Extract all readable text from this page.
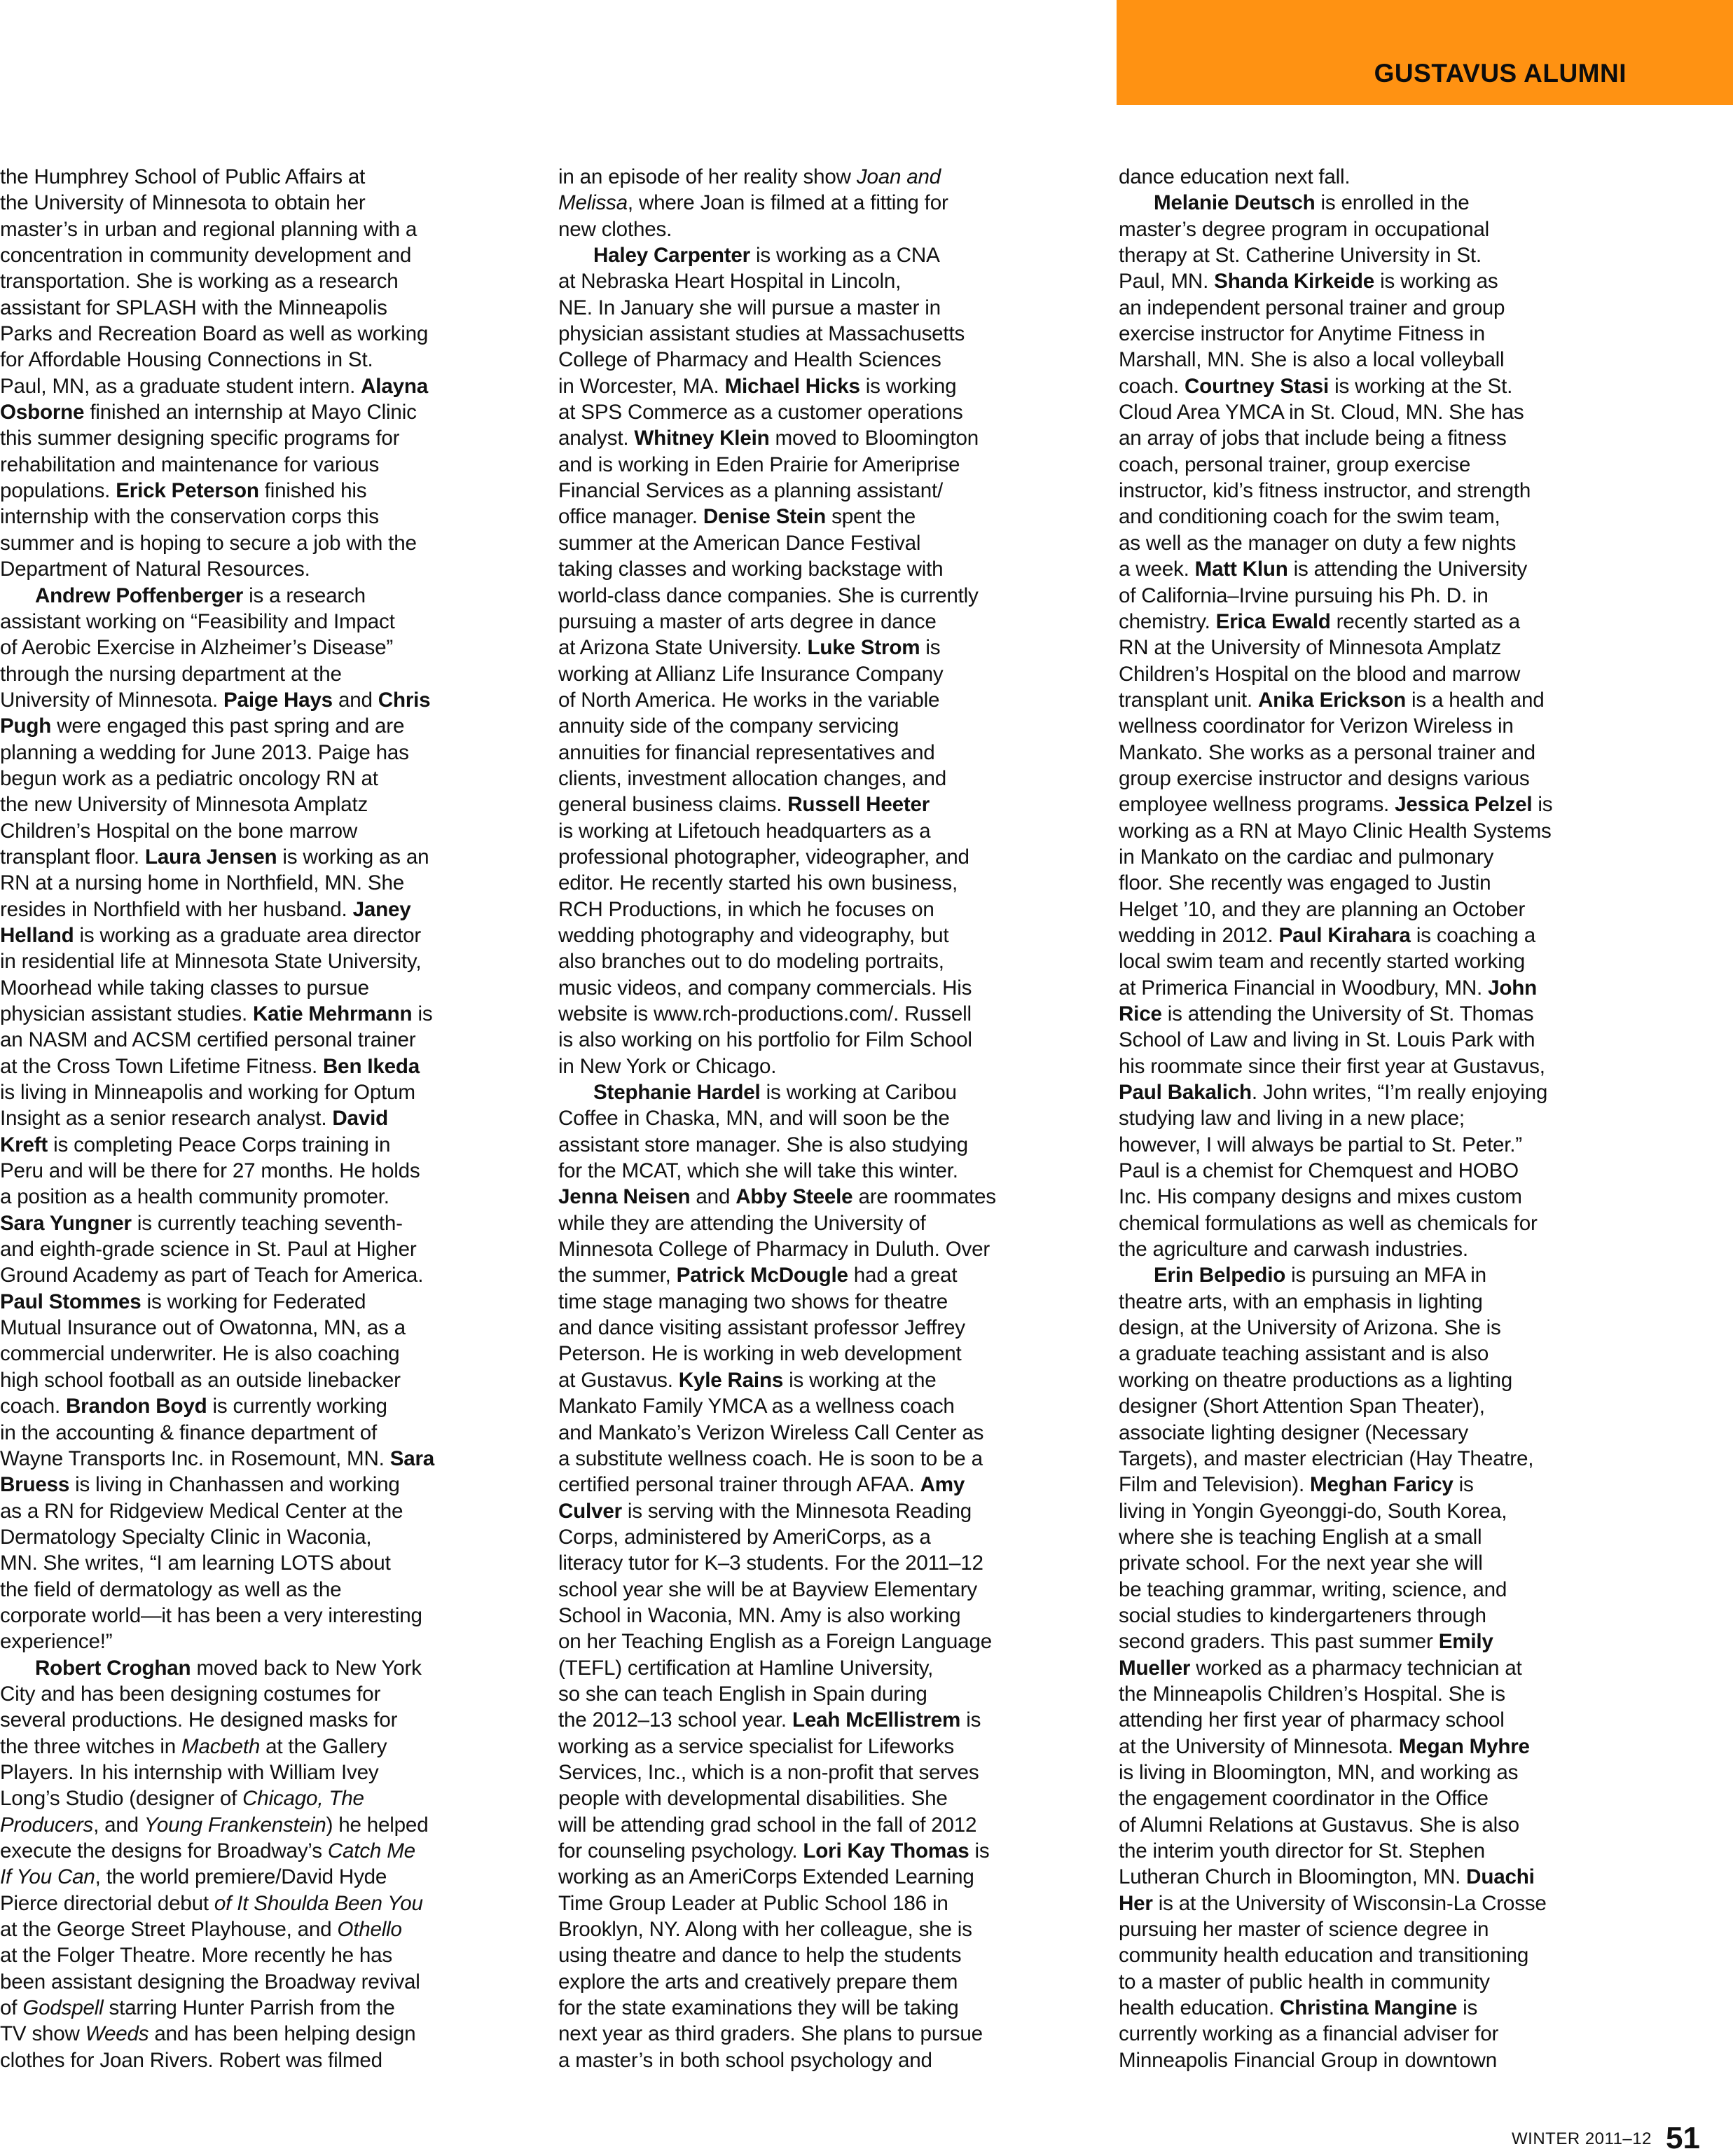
GUSTAVUS ALUMNI
the Humphrey School of Public Affairs at
the University of Minnesota to obtain her
master’s in urban and regional planning with a
concentration in community development and
transportation. She is working as a research
assistant for SPLASH with the Minneapolis
Parks and Recreation Board as well as working
for Affordable Housing Connections in St.
Paul, MN, as a graduate student intern. Alayna
Osborne finished an internship at Mayo Clinic
this summer designing specific programs for
rehabilitation and maintenance for various
populations. Erick Peterson finished his
internship with the conservation corps this
summer and is hoping to secure a job with the
Department of Natural Resources.
Andrew Poffenberger is a research
assistant working on “Feasibility and Impact
of Aerobic Exercise in Alzheimer’s Disease”
through the nursing department at the
University of Minnesota. Paige Hays and Chris
Pugh were engaged this past spring and are
planning a wedding for June 2013. Paige has
begun work as a pediatric oncology RN at
the new University of Minnesota Amplatz
Children’s Hospital on the bone marrow
transplant floor. Laura Jensen is working as an
RN at a nursing home in Northfield, MN. She
resides in Northfield with her husband. Janey
Helland is working as a graduate area director
in residential life at Minnesota State University,
Moorhead while taking classes to pursue
physician assistant studies. Katie Mehrmann is
an NASM and ACSM certified personal trainer
at the Cross Town Lifetime Fitness. Ben Ikeda
is living in Minneapolis and working for Optum
Insight as a senior research analyst. David
Kreft is completing Peace Corps training in
Peru and will be there for 27 months. He holds
a position as a health community promoter.
Sara Yungner is currently teaching seventh-
and eighth-grade science in St. Paul at Higher
Ground Academy as part of Teach for America.
Paul Stommes is working for Federated
Mutual Insurance out of Owatonna, MN, as a
commercial underwriter. He is also coaching
high school football as an outside linebacker
coach. Brandon Boyd is currently working
in the accounting & finance department of
Wayne Transports Inc. in Rosemount, MN. Sara
Bruess is living in Chanhassen and working
as a RN for Ridgeview Medical Center at the
Dermatology Specialty Clinic in Waconia,
MN. She writes, “I am learning LOTS about
the field of dermatology as well as the
corporate world—it has been a very interesting
experience!”
Robert Croghan moved back to New York
City and has been designing costumes for
several productions. He designed masks for
the three witches in Macbeth at the Gallery
Players. In his internship with William Ivey
Long’s Studio (designer of Chicago, The
Producers, and Young Frankenstein) he helped
execute the designs for Broadway’s Catch Me
If You Can, the world premiere/David Hyde
Pierce directorial debut of It Shoulda Been You
at the George Street Playhouse, and Othello
at the Folger Theatre. More recently he has
been assistant designing the Broadway revival
of Godspell starring Hunter Parrish from the
TV show Weeds and has been helping design
clothes for Joan Rivers. Robert was filmed
in an episode of her reality show Joan and
Melissa, where Joan is filmed at a fitting for
new clothes.
Haley Carpenter is working as a CNA
at Nebraska Heart Hospital in Lincoln,
NE. In January she will pursue a master in
physician assistant studies at Massachusetts
College of Pharmacy and Health Sciences
in Worcester, MA. Michael Hicks is working
at SPS Commerce as a customer operations
analyst. Whitney Klein moved to Bloomington
and is working in Eden Prairie for Ameriprise
Financial Services as a planning assistant/
office manager. Denise Stein spent the
summer at the American Dance Festival
taking classes and working backstage with
world-class dance companies. She is currently
pursuing a master of arts degree in dance
at Arizona State University. Luke Strom is
working at Allianz Life Insurance Company
of North America. He works in the variable
annuity side of the company servicing
annuities for financial representatives and
clients, investment allocation changes, and
general business claims. Russell Heeter
is working at Lifetouch headquarters as a
professional photographer, videographer, and
editor. He recently started his own business,
RCH Productions, in which he focuses on
wedding photography and videography, but
also branches out to do modeling portraits,
music videos, and company commercials. His
website is www.rch-productions.com/. Russell
is also working on his portfolio for Film School
in New York or Chicago.
Stephanie Hardel is working at Caribou
Coffee in Chaska, MN, and will soon be the
assistant store manager. She is also studying
for the MCAT, which she will take this winter.
Jenna Neisen and Abby Steele are roommates
while they are attending the University of
Minnesota College of Pharmacy in Duluth. Over
the summer, Patrick McDougle had a great
time stage managing two shows for theatre
and dance visiting assistant professor Jeffrey
Peterson. He is working in web development
at Gustavus. Kyle Rains is working at the
Mankato Family YMCA as a wellness coach
and Mankato’s Verizon Wireless Call Center as
a substitute wellness coach. He is soon to be a
certified personal trainer through AFAA. Amy
Culver is serving with the Minnesota Reading
Corps, administered by AmeriCorps, as a
literacy tutor for K–3 students. For the 2011–12
school year she will be at Bayview Elementary
School in Waconia, MN. Amy is also working
on her Teaching English as a Foreign Language
(TEFL) certification at Hamline University,
so she can teach English in Spain during
the 2012–13 school year. Leah McEllistrem is
working as a service specialist for Lifeworks
Services, Inc., which is a non-profit that serves
people with developmental disabilities. She
will be attending grad school in the fall of 2012
for counseling psychology. Lori Kay Thomas is
working as an AmeriCorps Extended Learning
Time Group Leader at Public School 186 in
Brooklyn, NY. Along with her colleague, she is
using theatre and dance to help the students
explore the arts and creatively prepare them
for the state examinations they will be taking
next year as third graders. She plans to pursue
a master’s in both school psychology and
dance education next fall.
Melanie Deutsch is enrolled in the
master’s degree program in occupational
therapy at St. Catherine University in St.
Paul, MN. Shanda Kirkeide is working as
an independent personal trainer and group
exercise instructor for Anytime Fitness in
Marshall, MN. She is also a local volleyball
coach. Courtney Stasi is working at the St.
Cloud Area YMCA in St. Cloud, MN. She has
an array of jobs that include being a fitness
coach, personal trainer, group exercise
instructor, kid’s fitness instructor, and strength
and conditioning coach for the swim team,
as well as the manager on duty a few nights
a week. Matt Klun is attending the University
of California–Irvine pursuing his Ph. D. in
chemistry. Erica Ewald recently started as a
RN at the University of Minnesota Amplatz
Children’s Hospital on the blood and marrow
transplant unit. Anika Erickson is a health and
wellness coordinator for Verizon Wireless in
Mankato. She works as a personal trainer and
group exercise instructor and designs various
employee wellness programs. Jessica Pelzel is
working as a RN at Mayo Clinic Health Systems
in Mankato on the cardiac and pulmonary
floor. She recently was engaged to Justin
Helget ’10, and they are planning an October
wedding in 2012. Paul Kirahara is coaching a
local swim team and recently started working
at Primerica Financial in Woodbury, MN. John
Rice is attending the University of St. Thomas
School of Law and living in St. Louis Park with
his roommate since their first year at Gustavus,
Paul Bakalich. John writes, “I’m really enjoying
studying law and living in a new place;
however, I will always be partial to St. Peter.”
Paul is a chemist for Chemquest and HOBO
Inc. His company designs and mixes custom
chemical formulations as well as chemicals for
the agriculture and carwash industries.
Erin Belpedio is pursuing an MFA in
theatre arts, with an emphasis in lighting
design, at the University of Arizona. She is
a graduate teaching assistant and is also
working on theatre productions as a lighting
designer (Short Attention Span Theater),
associate lighting designer (Necessary
Targets), and master electrician (Hay Theatre,
Film and Television). Meghan Faricy is
living in Yongin Gyeonggi-do, South Korea,
where she is teaching English at a small
private school. For the next year she will
be teaching grammar, writing, science, and
social studies to kindergarteners through
second graders. This past summer Emily
Mueller worked as a pharmacy technician at
the Minneapolis Children’s Hospital. She is
attending her first year of pharmacy school
at the University of Minnesota. Megan Myhre
is living in Bloomington, MN, and working as
the engagement coordinator in the Office
of Alumni Relations at Gustavus. She is also
the interim youth director for St. Stephen
Lutheran Church in Bloomington, MN. Duachi
Her is at the University of Wisconsin-La Crosse
pursuing her master of science degree in
community health education and transitioning
to a master of public health in community
health education. Christina Mangine is
currently working as a financial adviser for
Minneapolis Financial Group in downtown
WINTER 2011–12 51
